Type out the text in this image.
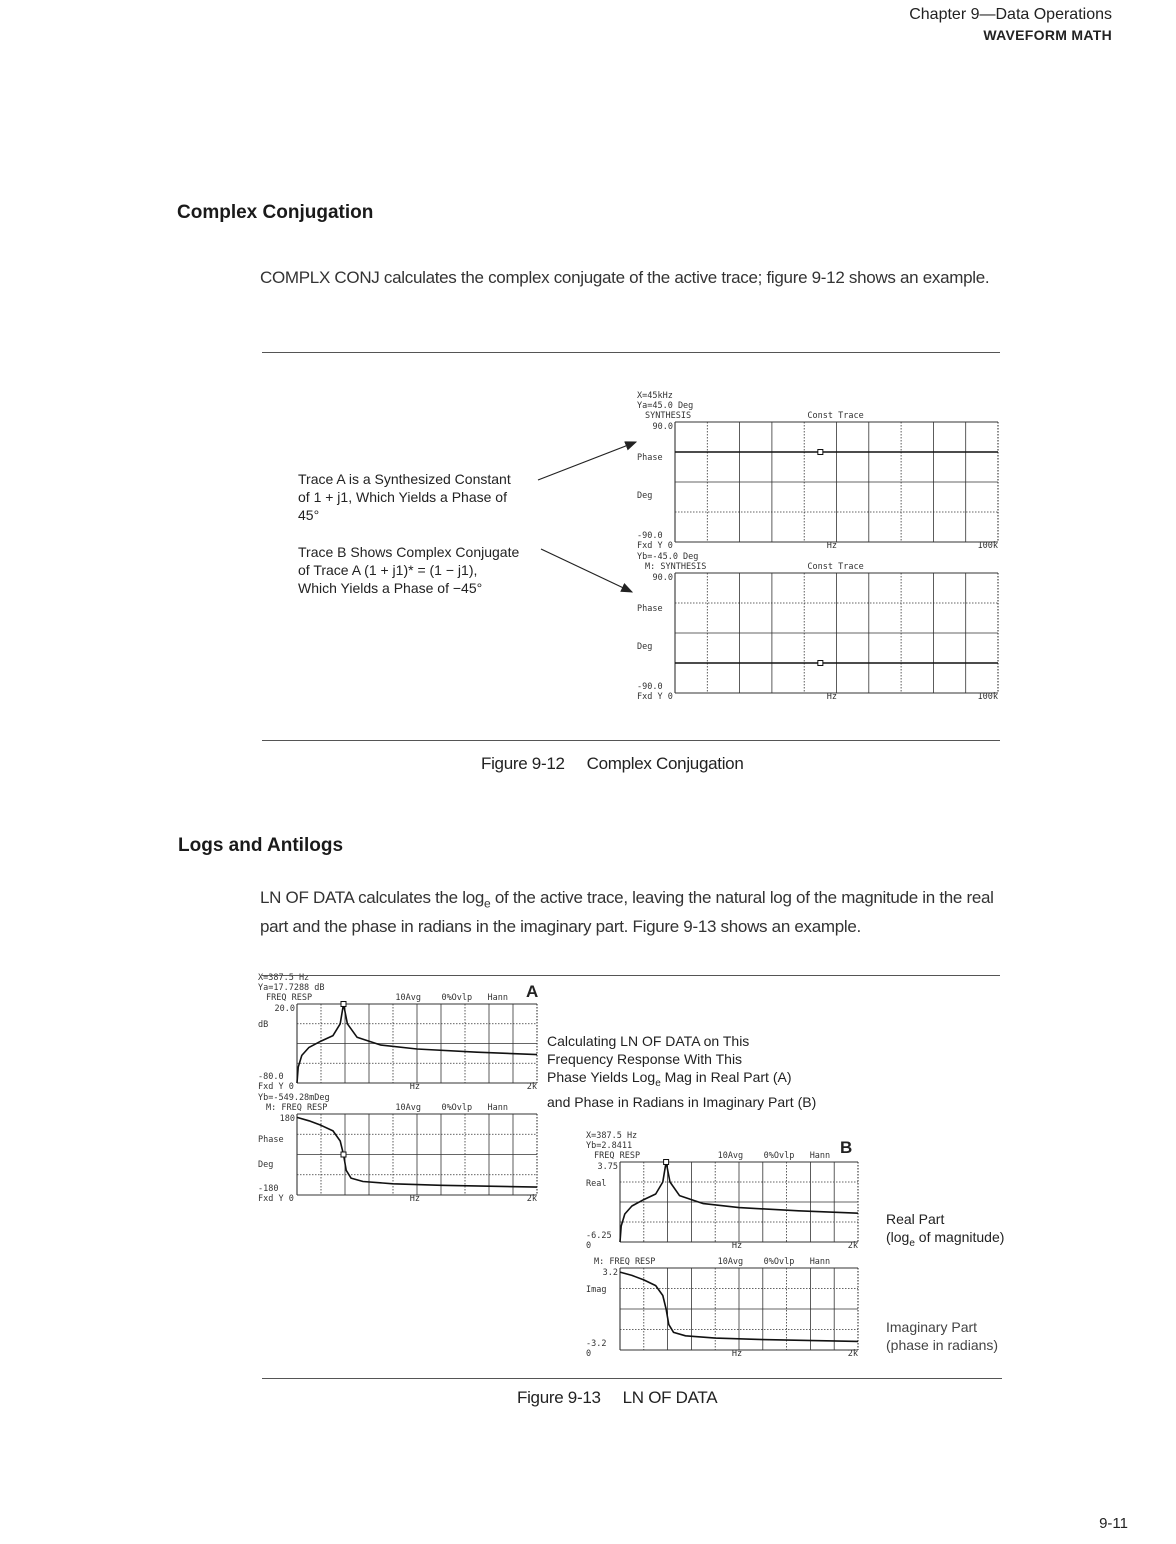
Chapter 9—Data Operations
WAVEFORM MATH
Complex Conjugation
COMPLX CONJ calculates the complex conjugate of the active trace; figure 9-12 shows an example.
Trace A is a Synthesized Constant
of 1 + j1, Which Yields a Phase of
45°
Trace B Shows Complex Conjugate
of Trace A (1 + j1)* = (1 − j1),
Which Yields a Phase of −45°
X=45kHz
Ya=45.0 Deg
SYNTHESIS	Const Trace
90.0
Phase
Deg
-90.0
Fxd Y 0	Hz	100k
Yb=-45.0 Deg
M: SYNTHESIS	Const Trace
90.0
Phase
Deg
-90.0
Fxd Y 0	Hz	100k
X=387.5 Hz
Ya=17.7288 dB
FREQ RESP	10Avg    0%Ovlp   Hann
20.0
dB
-80.0
Fxd Y 0	Hz	2k
Yb=-549.28mDeg
M: FREQ RESP	10Avg    0%Ovlp   Hann
180
Phase
Deg
-180
Fxd Y 0	Hz	2k
X=387.5 Hz
Yb=2.8411
FREQ RESP	10Avg    0%Ovlp   Hann
3.75
Real
-6.25
0	Hz	2k
M: FREQ RESP	10Avg    0%Ovlp   Hann
3.2
Imag
-3.2
0	Hz	2k
Figure 9-12 Complex Conjugation
Logs and Antilogs
LN OF DATA calculates the $\log_e$ of the active trace, leaving the natural log of the magnitude in the real part and the phase in radians in the imaginary part. Figure 9-13 shows an example.
A
B
Calculating LN OF DATA on This
Frequency Response With This
Phase Yields Log$_e$ Mag in Real Part (A)
and Phase in Radians in Imaginary Part (B)
Real Part
($\log_e$ of magnitude)
Imaginary Part
(phase in radians)
Figure 9-13 LN OF DATA
9-11
